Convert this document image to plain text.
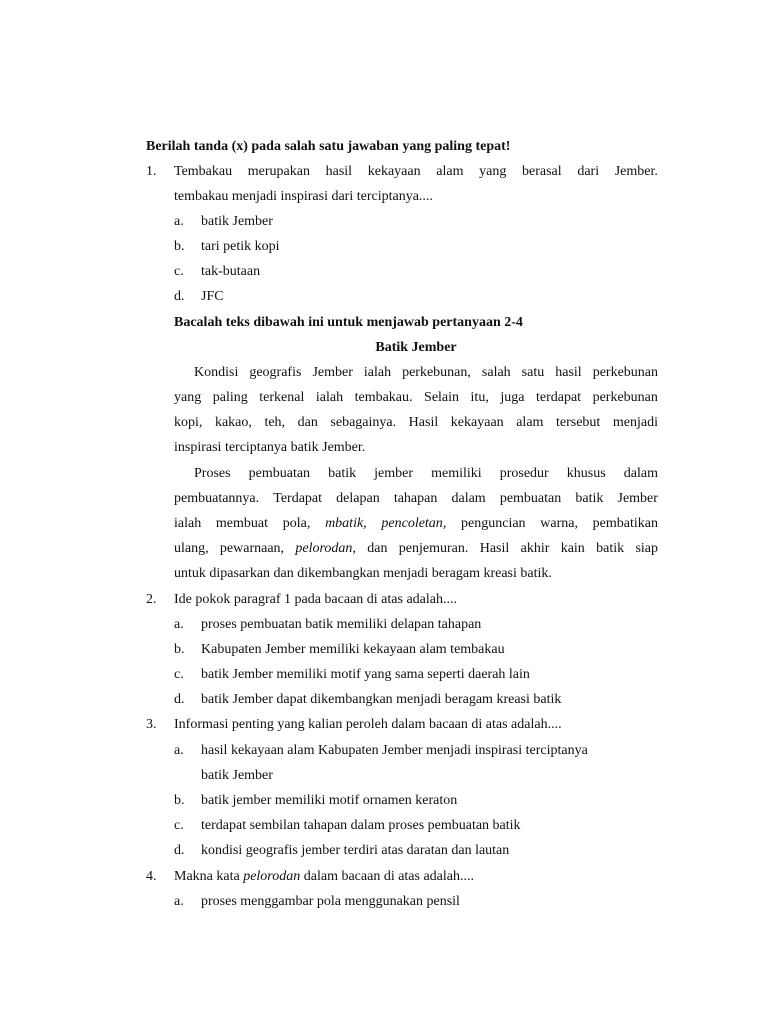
Berilah tanda (x) pada salah satu jawaban yang paling tepat!
1. Tembakau merupakan hasil kekayaan alam yang berasal dari Jember.
tembakau menjadi inspirasi dari terciptanya....
a. batik Jember
b. tari petik kopi
c. tak-butaan
d. JFC
Bacalah teks dibawah ini untuk menjawab pertanyaan 2-4
Batik Jember
Kondisi geografis Jember ialah perkebunan, salah satu hasil perkebunan
yang paling terkenal ialah tembakau. Selain itu, juga terdapat perkebunan
kopi, kakao, teh, dan sebagainya. Hasil kekayaan alam tersebut menjadi
inspirasi terciptanya batik Jember.
Proses pembuatan batik jember memiliki prosedur khusus dalam
pembuatannya. Terdapat delapan tahapan dalam pembuatan batik Jember
ialah membuat pola, mbatik, pencoletan, penguncian warna, pembatikan
ulang, pewarnaan, pelorodan, dan penjemuran. Hasil akhir kain batik siap
untuk dipasarkan dan dikembangkan menjadi beragam kreasi batik.
2. Ide pokok paragraf 1 pada bacaan di atas adalah....
a. proses pembuatan batik memiliki delapan tahapan
b. Kabupaten Jember memiliki kekayaan alam tembakau
c. batik Jember memiliki motif yang sama seperti daerah lain
d. batik Jember dapat dikembangkan menjadi beragam kreasi batik
3. Informasi penting yang kalian peroleh dalam bacaan di atas adalah....
a. hasil kekayaan alam Kabupaten Jember menjadi inspirasi terciptanya
batik Jember
b. batik jember memiliki motif ornamen keraton
c. terdapat sembilan tahapan dalam proses pembuatan batik
d. kondisi geografis jember terdiri atas daratan dan lautan
4. Makna kata pelorodan dalam bacaan di atas adalah....
a. proses menggambar pola menggunakan pensil
